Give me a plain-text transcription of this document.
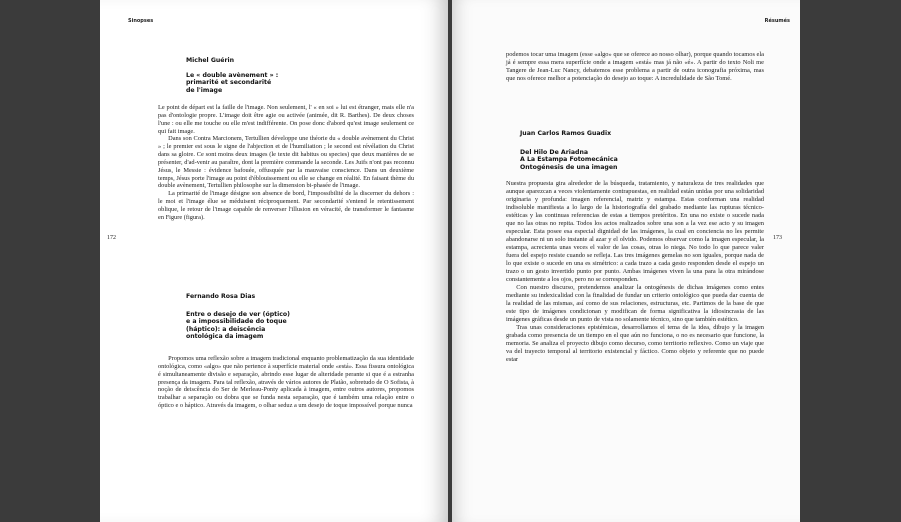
Sinopses
172
Michel Guérin
Le « double avènement » :
primarité et secondarité
de l'image

Le point de départ est la faille de l'image. Non seulement, l' « en soi » lui est étranger, mais elle n'a pas d'ontologie propre. L'image doit être agie ou activée (animée, dit R. Barthes). De deux choses l'une : ou elle me touche ou elle m'est indifférente. On pose donc d'abord qu'est image seulement ce qui fait image.

Dans son Contra Marcionem, Tertullien développe une théorie du « double avènement du Christ » ; le premier est sous le signe de l'abjection et de l'humiliation ; le second est révélation du Christ dans sa gloire. Ce sont moins deux images (le texte dit habitus ou species) que deux manières de se présenter, d'ad-venir au paraître, dont la première commande la seconde. Les Juifs n'ont pas reconnu Jésus, le Messie : évidence bafouée, offusquée par la mauvaise conscience. Dans un deuxième temps, Jésus porte l'image au point d'éblouissement ou elle se change en réalité. En faisant thème du double avènement, Tertullien philosophe sur la dimension bi-phasée de l'image.

La primarité de l'image désigne son absence de bord, l'impossibilité de la discerner du dehors : le moi et l'image élue se méduisent réciproquement. Par secondarité s'entend le retentissement oblique, le retour de l'image capable de renverser l'illusion en véracité, de transformer le fantasme en Figure (figura).

Fernando Rosa Dias
Entre o desejo de ver (óptico)
e a impossibilidade do toque
(háptico): a deiscência
ontológica da imagem

Propomos uma reflexão sobre a imagem tradicional enquanto problematização da sua identidade ontológica, como «algo» que não pertence à superfície material onde «está». Essa fissura ontológica é simultaneamente divisão e separação, abrindo esse lugar de alteridade perante si que é a estranha presença da imagem. Para tal reflexão, através de vários autores de Platão, sobretudo de O Sofista, à noção de deiscência do Ser de Merleau-Ponty aplicada à imagem, entre outros autores, propomos trabalhar a separação ou dobra que se funda nesta separação, que é também uma relação entre o óptico e o háptico. Através da imagem, o olhar seduz a um desejo de toque impossível porque nunca

Résumés

podemos tocar uma imagem (esse «algo» que se oferece ao nosso olhar), porque quando tocamos ela já é sempre essa mera superfície onde a imagem «está» mas já não «é». A partir do texto Noli me Tangere de Jean-Luc Nancy, debatemos esse problema a partir de outra iconografia próxima, mas que nos oferece melhor a potenciação do desejo ao toque: A incredulidade de São Tomé.

Juan Carlos Ramos Guadix
Del Hilo De Ariadna
A La Estampa Fotomecánica
Ontogénesis de una imagen

Nuestra propuesta gira alrededor de la búsqueda, tratamiento, y naturaleza de tres realidades que aunque aparezcan a veces violentamente contrapuestas, en realidad están unidas por una solidaridad originaria y profunda: imagen referencial, matriz y estampa. Estas conforman una realidad indisoluble manifiesta a lo largo de la historiografía del grabado mediante las rupturas técnico-estéticas y las continuas referencias de estas a tiempos pretéritos. En una no existe o sucede nada que no las otras no repita. Todos los actos realizados sobre una son a la vez ese acto y su imagen especular. Esta posee esa especial dignidad de las imágenes, la cual en conciencia no les permite abandonarse ni un solo instante al azar y el olvido. Podemos observar como la imagen especular, la estampa, acrecienta unas veces el valor de las cosas, otras lo niega. No todo lo que parece valer fuera del espejo resiste cuando se refleja. Las tres imágenes gemelas no son iguales, porque nada de lo que existe o sucede en una es simétrico: a cada trazo a cada gesto responden desde el espejo un trazo o un gesto invertido punto por punto. Ambas imágenes viven la una para la otra mirándose constantemente a los ojos, pero no se corresponden.

Con nuestro discurso, pretendemos analizar la ontogénesis de dichas imágenes como entes mediante su indexicalidad con la finalidad de fundar un criterio ontológico que pueda dar cuenta de la realidad de las mismas, así como de sus relaciones, estructuras, etc. Partimos de la base de que este tipo de imágenes condicionan y modifican de forma significativa la idiosincrasia de las imágenes gráficas desde un punto de vista no solamente técnico, sino que también estético.

Tras unas consideraciones epistémicas, desarrollamos el tema de la idea, dibujo y la imagen grabada como presencia de un tiempo en el que aún no funciona, o no es necesario que funcione, la memoria. Se analiza el proyecto dibujo como decurso, como territorio reflexivo. Como un viaje que va del trayecto temporal al territorio existencial y fáctico. Como objeto y referente que no puede estar

173
